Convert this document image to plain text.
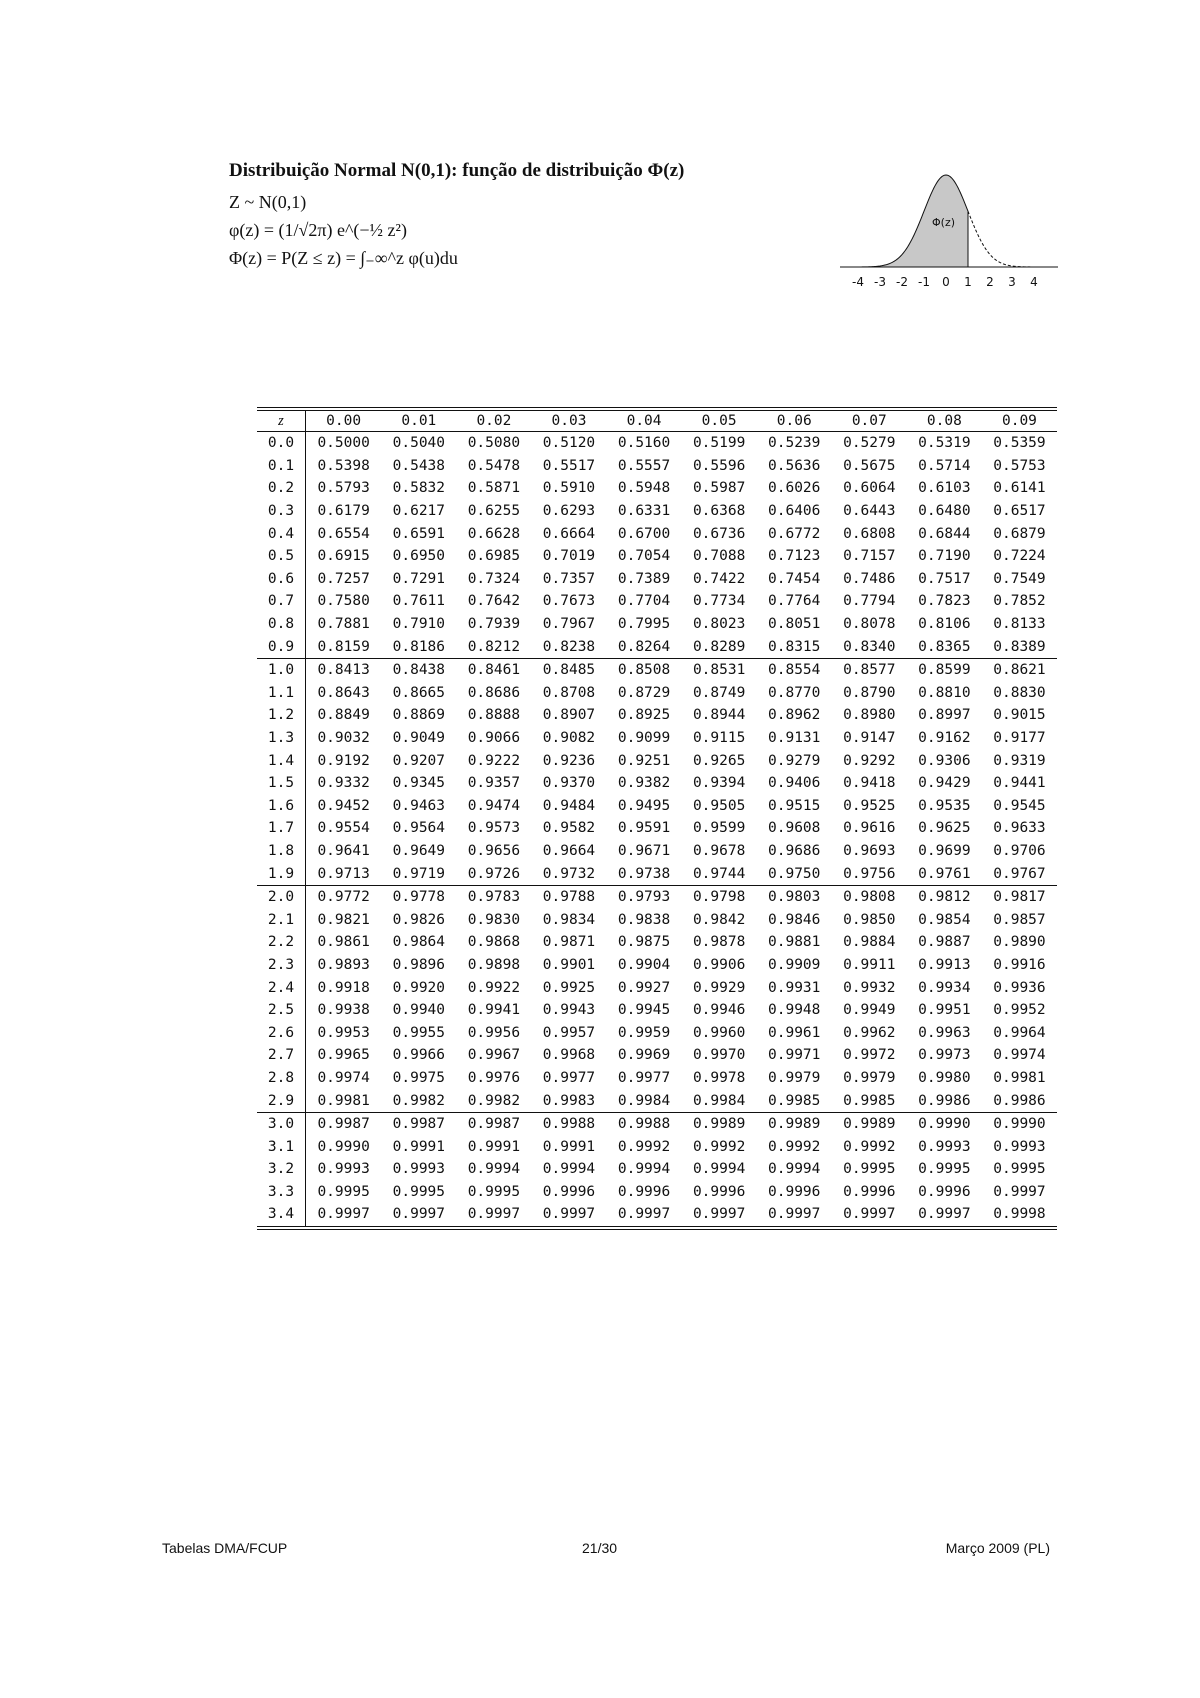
Distribuição Normal N(0,1): função de distribuição Φ(z)
Z ~ N(0,1)
φ(z) = (1/√2π) e^(−½ z²)
Φ(z) = P(Z ≤ z) = ∫₋∞^z φ(u)du
Φ(z)
-4 -3 -2 -1 0 1 2 3 4
z	0.00	0.01	0.02	0.03	0.04	0.05	0.06	0.07	0.08	0.09
0.0	0.5000	0.5040	0.5080	0.5120	0.5160	0.5199	0.5239	0.5279	0.5319	0.5359
0.1	0.5398	0.5438	0.5478	0.5517	0.5557	0.5596	0.5636	0.5675	0.5714	0.5753
0.2	0.5793	0.5832	0.5871	0.5910	0.5948	0.5987	0.6026	0.6064	0.6103	0.6141
0.3	0.6179	0.6217	0.6255	0.6293	0.6331	0.6368	0.6406	0.6443	0.6480	0.6517
0.4	0.6554	0.6591	0.6628	0.6664	0.6700	0.6736	0.6772	0.6808	0.6844	0.6879
0.5	0.6915	0.6950	0.6985	0.7019	0.7054	0.7088	0.7123	0.7157	0.7190	0.7224
0.6	0.7257	0.7291	0.7324	0.7357	0.7389	0.7422	0.7454	0.7486	0.7517	0.7549
0.7	0.7580	0.7611	0.7642	0.7673	0.7704	0.7734	0.7764	0.7794	0.7823	0.7852
0.8	0.7881	0.7910	0.7939	0.7967	0.7995	0.8023	0.8051	0.8078	0.8106	0.8133
0.9	0.8159	0.8186	0.8212	0.8238	0.8264	0.8289	0.8315	0.8340	0.8365	0.8389
1.0	0.8413	0.8438	0.8461	0.8485	0.8508	0.8531	0.8554	0.8577	0.8599	0.8621
1.1	0.8643	0.8665	0.8686	0.8708	0.8729	0.8749	0.8770	0.8790	0.8810	0.8830
1.2	0.8849	0.8869	0.8888	0.8907	0.8925	0.8944	0.8962	0.8980	0.8997	0.9015
1.3	0.9032	0.9049	0.9066	0.9082	0.9099	0.9115	0.9131	0.9147	0.9162	0.9177
1.4	0.9192	0.9207	0.9222	0.9236	0.9251	0.9265	0.9279	0.9292	0.9306	0.9319
1.5	0.9332	0.9345	0.9357	0.9370	0.9382	0.9394	0.9406	0.9418	0.9429	0.9441
1.6	0.9452	0.9463	0.9474	0.9484	0.9495	0.9505	0.9515	0.9525	0.9535	0.9545
1.7	0.9554	0.9564	0.9573	0.9582	0.9591	0.9599	0.9608	0.9616	0.9625	0.9633
1.8	0.9641	0.9649	0.9656	0.9664	0.9671	0.9678	0.9686	0.9693	0.9699	0.9706
1.9	0.9713	0.9719	0.9726	0.9732	0.9738	0.9744	0.9750	0.9756	0.9761	0.9767
2.0	0.9772	0.9778	0.9783	0.9788	0.9793	0.9798	0.9803	0.9808	0.9812	0.9817
2.1	0.9821	0.9826	0.9830	0.9834	0.9838	0.9842	0.9846	0.9850	0.9854	0.9857
2.2	0.9861	0.9864	0.9868	0.9871	0.9875	0.9878	0.9881	0.9884	0.9887	0.9890
2.3	0.9893	0.9896	0.9898	0.9901	0.9904	0.9906	0.9909	0.9911	0.9913	0.9916
2.4	0.9918	0.9920	0.9922	0.9925	0.9927	0.9929	0.9931	0.9932	0.9934	0.9936
2.5	0.9938	0.9940	0.9941	0.9943	0.9945	0.9946	0.9948	0.9949	0.9951	0.9952
2.6	0.9953	0.9955	0.9956	0.9957	0.9959	0.9960	0.9961	0.9962	0.9963	0.9964
2.7	0.9965	0.9966	0.9967	0.9968	0.9969	0.9970	0.9971	0.9972	0.9973	0.9974
2.8	0.9974	0.9975	0.9976	0.9977	0.9977	0.9978	0.9979	0.9979	0.9980	0.9981
2.9	0.9981	0.9982	0.9982	0.9983	0.9984	0.9984	0.9985	0.9985	0.9986	0.9986
3.0	0.9987	0.9987	0.9987	0.9988	0.9988	0.9989	0.9989	0.9989	0.9990	0.9990
3.1	0.9990	0.9991	0.9991	0.9991	0.9992	0.9992	0.9992	0.9992	0.9993	0.9993
3.2	0.9993	0.9993	0.9994	0.9994	0.9994	0.9994	0.9994	0.9995	0.9995	0.9995
3.3	0.9995	0.9995	0.9995	0.9996	0.9996	0.9996	0.9996	0.9996	0.9996	0.9997
3.4	0.9997	0.9997	0.9997	0.9997	0.9997	0.9997	0.9997	0.9997	0.9997	0.9998
Tabelas DMA/FCUP	21/30	Março 2009 (PL)
